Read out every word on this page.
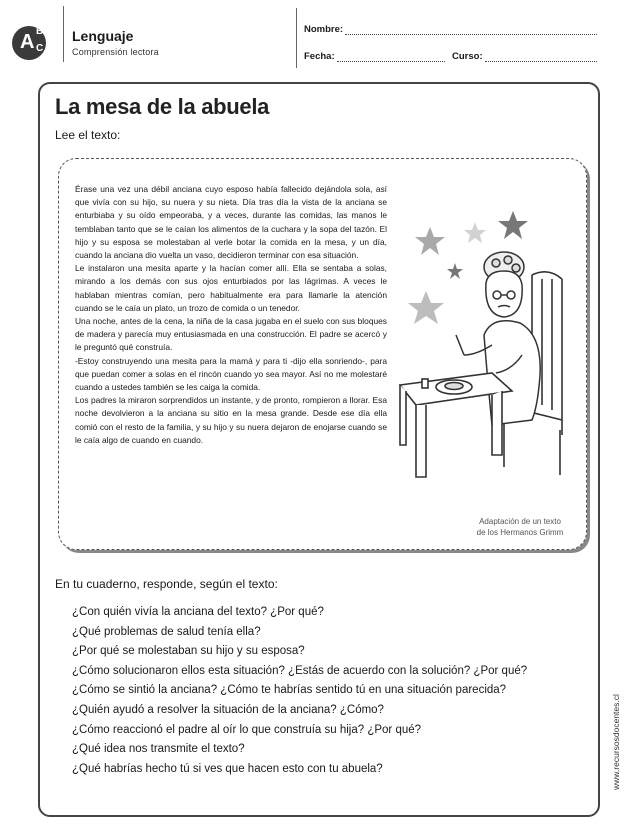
A B
C
Lenguaje
Comprensión lectora
Nombre:
Fecha:	Curso:
La mesa de la abuela
Lee el texto:

Érase una vez una débil anciana cuyo esposo había fallecido dejándola sola, así que vivía con su hijo, su nuera y su nieta. Día tras día la vista de la anciana se enturbiaba y su oído empeoraba, y a veces, durante las comidas, las manos le temblaban tanto que se le caían los alimentos de la cuchara y la sopa del tazón. El hijo y su esposa se molestaban al verle botar la comida en la mesa, y un día, cuando la anciana dio vuelta un vaso, decidieron terminar con esa situación.

Le instalaron una mesita aparte y la hacían comer allí. Ella se sentaba a solas, mirando a los demás con sus ojos enturbiados por las lágrimas. A veces le hablaban mientras comían, pero habitualmente era para llamarle la atención cuando se le caía un plato, un trozo de comida o un tenedor.

Una noche, antes de la cena, la niña de la casa jugaba en el suelo con sus bloques de madera y parecía muy entusiasmada en una construcción. El padre se acercó y le preguntó qué construía.

-Estoy construyendo una mesita para la mamá y para ti -dijo ella sonriendo-, para que puedan comer a solas en el rincón cuando yo sea mayor. Así no me molestaré cuando a ustedes también se les caiga la comida.

Los padres la miraron sorprendidos un instante, y de pronto, rompieron a llorar. Esa noche devolvieron a la anciana su sitio en la mesa grande. Desde ese día ella comió con el resto de la familia, y su hijo y su nuera dejaron de enojarse cuando se le caía algo de cuando en cuando.

Adaptación de un texto
de los Hermanos Grimm
En tu cuaderno, responde, según el texto:
¿Con quién vivía la anciana del texto? ¿Por qué?
¿Qué problemas de salud tenía ella?
¿Por qué se molestaban su hijo y su esposa?
¿Cómo solucionaron ellos esta situación? ¿Estás de acuerdo con la solución? ¿Por qué?
¿Cómo se sintió la anciana? ¿Cómo te habrías sentido tú en una situación parecida?
¿Quién ayudó a resolver la situación de la anciana? ¿Cómo?
¿Cómo reaccionó el padre al oír lo que construía su hija? ¿Por qué?
¿Qué idea nos transmite el texto?
¿Qué habrías hecho tú si ves que hacen esto con tu abuela?	www.recursosdocentes.cl
